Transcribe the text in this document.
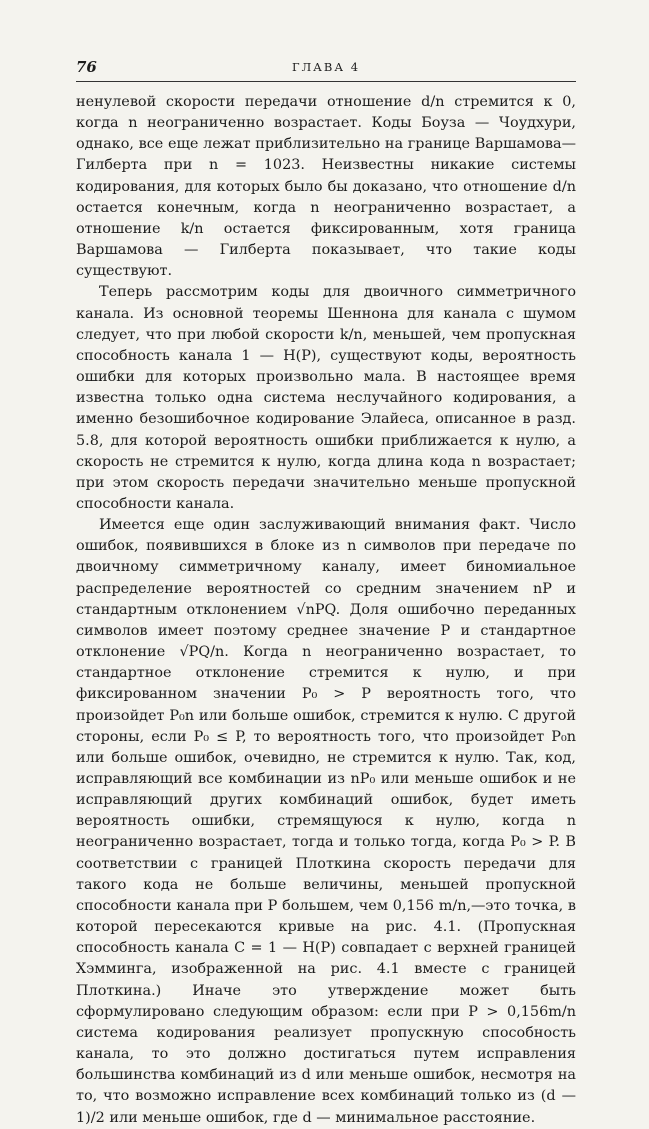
76	ГЛАВА 4

ненулевой скорости передачи отношение d/n стремится к 0, когда n неограниченно возрастает. Коды Боуза — Чоудхури, однако, все еще лежат приблизительно на границе Варшамова—Гилберта при n = 1023. Неизвестны никакие системы кодирования, для которых было бы доказано, что отношение d/n остается конечным, когда n неограниченно возрастает, а отношение k/n остается фиксированным, хотя граница Варшамова — Гилберта показывает, что такие коды существуют.

Теперь рассмотрим коды для двоичного симметричного канала. Из основной теоремы Шеннона для канала с шумом следует, что при любой скорости k/n, меньшей, чем пропускная способность канала 1 — H(P), существуют коды, вероятность ошибки для которых произвольно мала. В настоящее время известна только одна система неслучайного кодирования, а именно безошибочное кодирование Элайеса, описанное в разд. 5.8, для которой вероятность ошибки приближается к нулю, а скорость не стремится к нулю, когда длина кода n возрастает; при этом скорость передачи значительно меньше пропускной способности канала.

Имеется еще один заслуживающий внимания факт. Число ошибок, появившихся в блоке из n символов при передаче по двоичному симметричному каналу, имеет биномиальное распределение вероятностей со средним значением nP и стандартным отклонением √nPQ. Доля ошибочно переданных символов имеет поэтому среднее значение P и стандартное отклонение √PQ/n. Когда n неограниченно возрастает, то стандартное отклонение стремится к нулю, и при фиксированном значении P₀ > P вероятность того, что произойдет P₀n или больше ошибок, стремится к нулю. С другой стороны, если P₀ ≤ P, то вероятность того, что произойдет P₀n или больше ошибок, очевидно, не стремится к нулю. Так, код, исправляющий все комбинации из nP₀ или меньше ошибок и не исправляющий других комбинаций ошибок, будет иметь вероятность ошибки, стремящуюся к нулю, когда n неограниченно возрастает, тогда и только тогда, когда P₀ > P. В соответствии с границей Плоткина скорость передачи для такого кода не больше величины, меньшей пропускной способности канала при P большем, чем 0,156 m/n,—это точка, в которой пересекаются кривые на рис. 4.1. (Пропускная способность канала C = 1 — H(P) совпадает с верхней границей Хэмминга, изображенной на рис. 4.1 вместе с границей Плоткина.) Иначе это утверждение может быть сформулировано следующим образом: если при P > 0,156m/n система кодирования реализует пропускную способность канала, то это должно достигаться путем исправления большинства комбинаций из d или меньше ошибок, несмотря на то, что возможно исправление всех комбинаций только из (d — 1)/2 или меньше ошибок, где d — минимальное расстояние.
